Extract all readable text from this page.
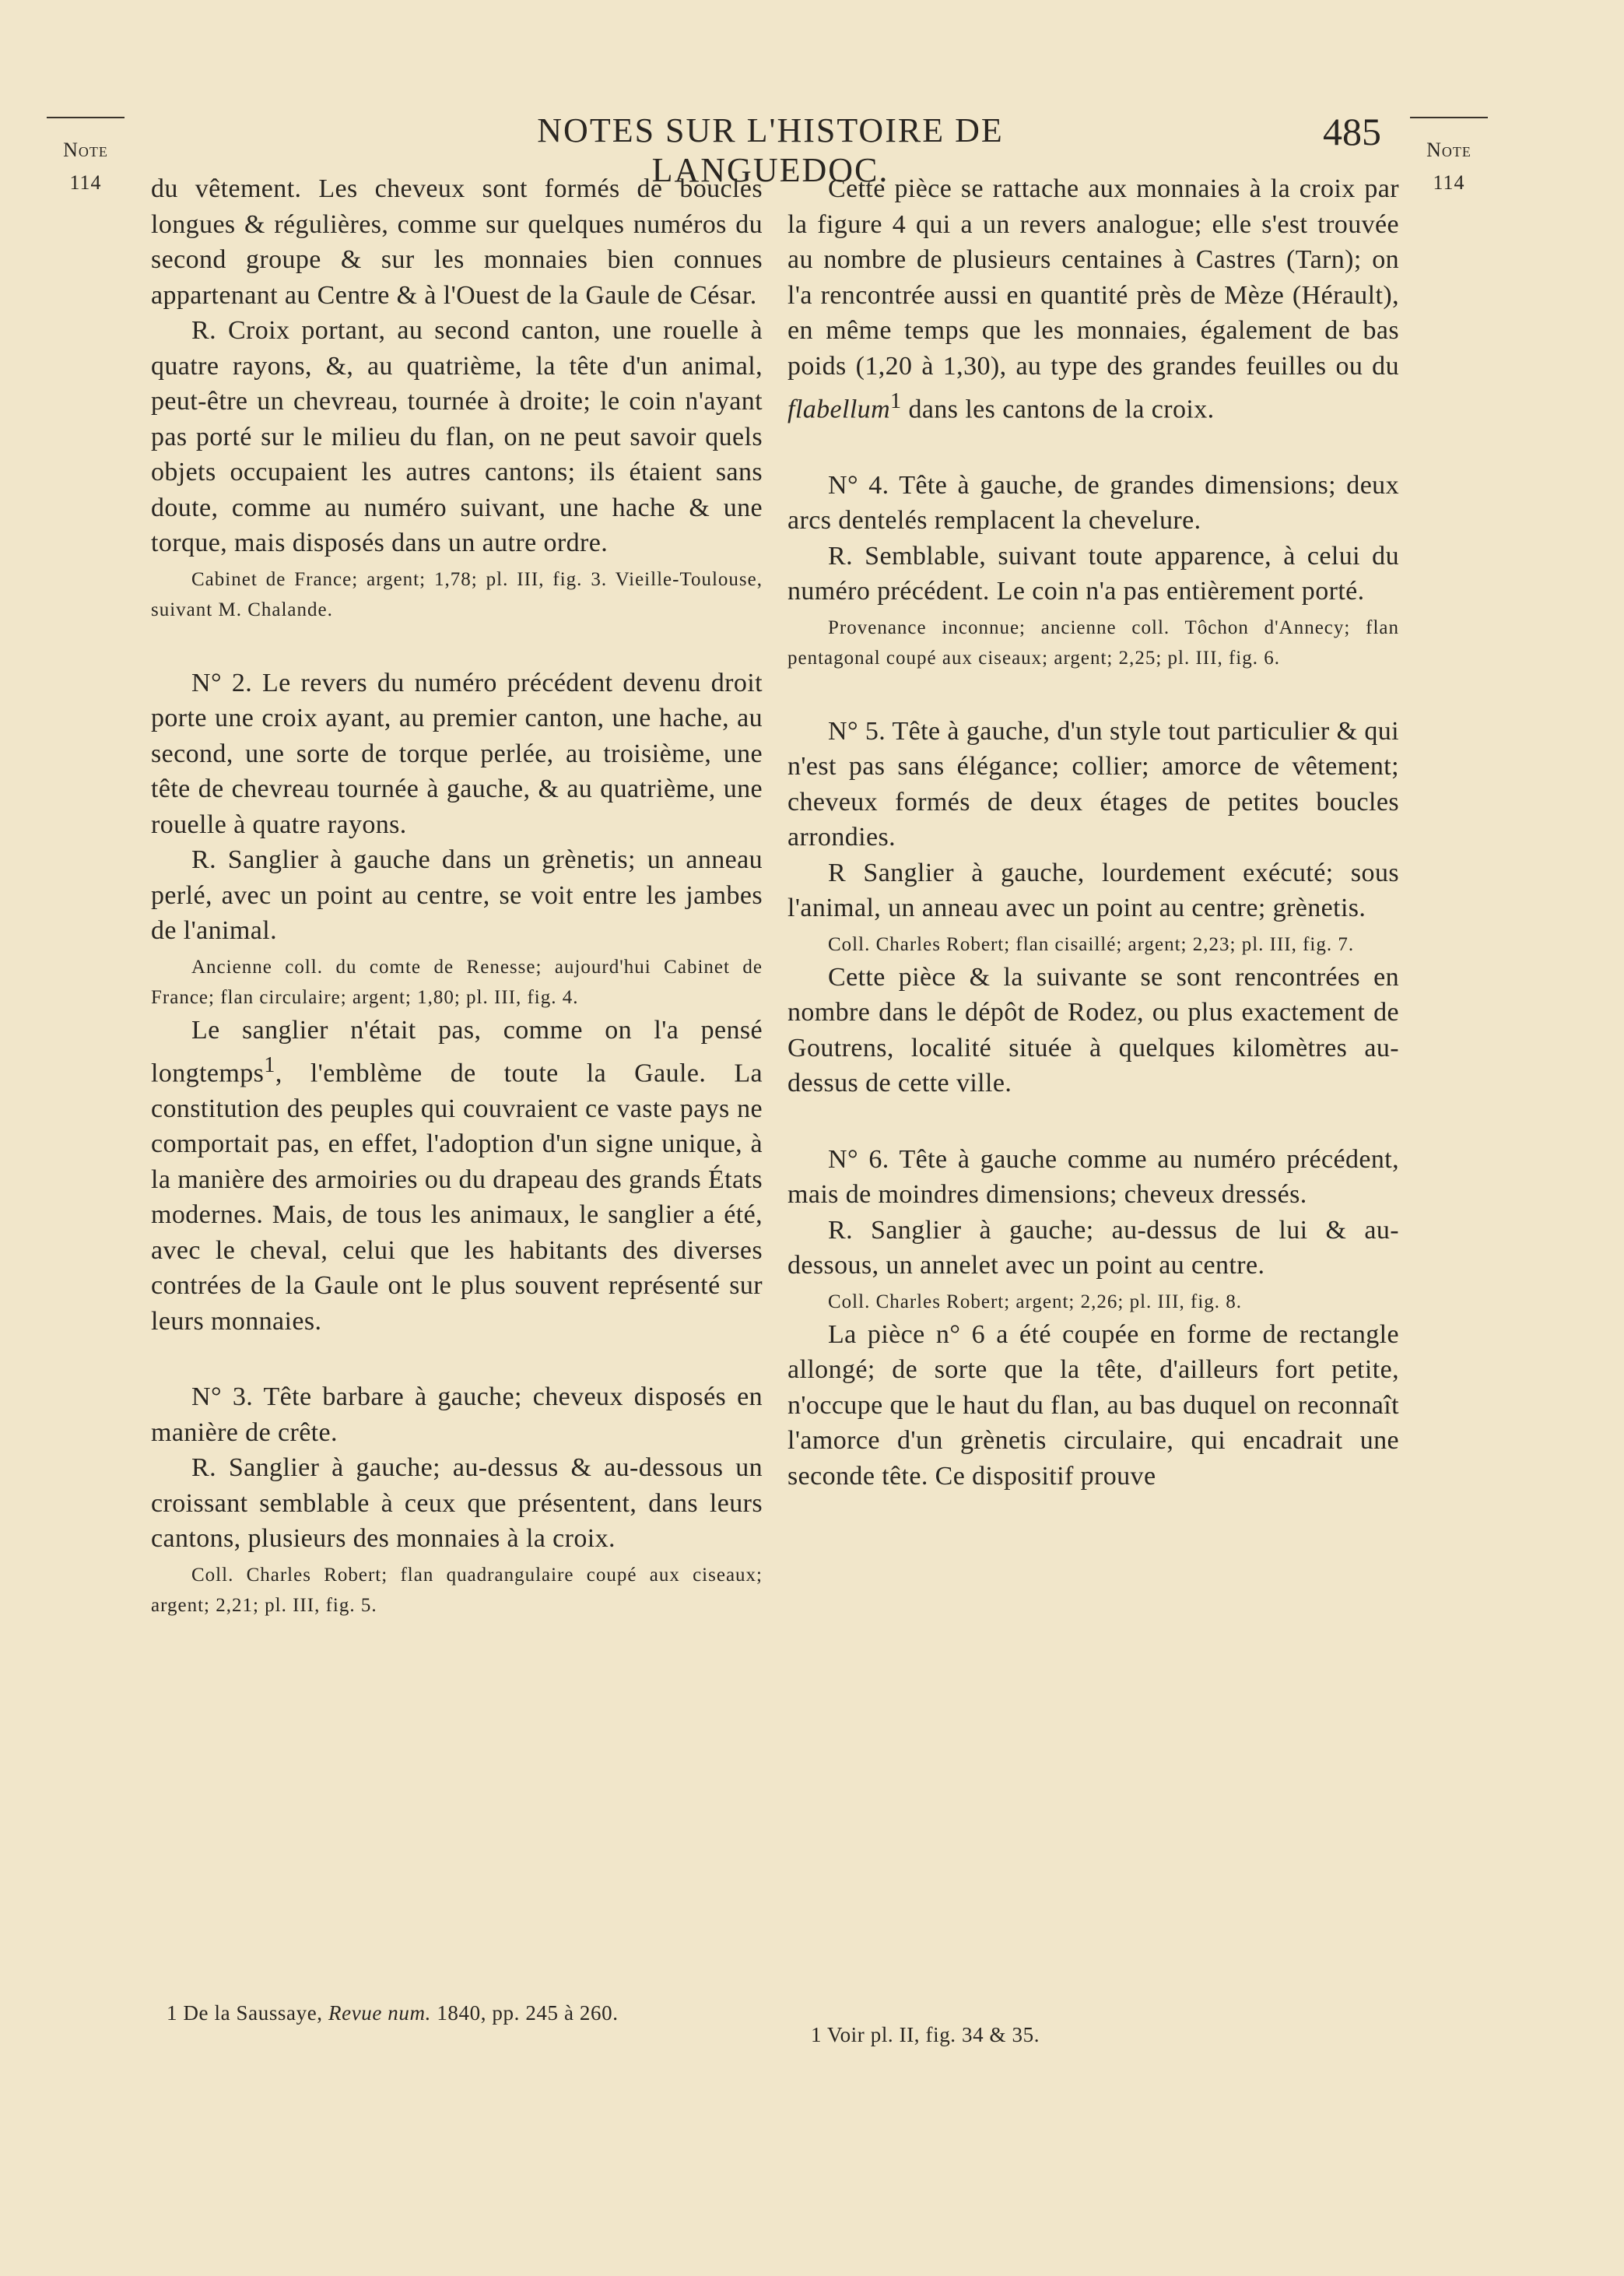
Note
114
Note
114
NOTES SUR L'HISTOIRE DE LANGUEDOC.
485

du vêtement. Les cheveux sont formés de boucles longues & régulières, comme sur quelques numéros du second groupe & sur les monnaies bien connues appartenant au Centre & à l'Ouest de la Gaule de César.

R. Croix portant, au second canton, une rouelle à quatre rayons, &, au quatrième, la tête d'un animal, peut-être un chevreau, tournée à droite; le coin n'ayant pas porté sur le milieu du flan, on ne peut savoir quels objets occupaient les autres cantons; ils étaient sans doute, comme au numéro suivant, une hache & une torque, mais disposés dans un autre ordre.

Cabinet de France; argent; 1,78; pl. III, fig. 3. Vieille-Toulouse, suivant M. Chalande.

N° 2. Le revers du numéro précédent devenu droit porte une croix ayant, au premier canton, une hache, au second, une sorte de torque perlée, au troisième, une tête de chevreau tournée à gauche, & au quatrième, une rouelle à quatre rayons.

R. Sanglier à gauche dans un grènetis; un anneau perlé, avec un point au centre, se voit entre les jambes de l'animal.

Ancienne coll. du comte de Renesse; aujourd'hui Cabinet de France; flan circulaire; argent; 1,80; pl. III, fig. 4.

Le sanglier n'était pas, comme on l'a pensé longtemps$^1$, l'emblème de toute la Gaule. La constitution des peuples qui couvraient ce vaste pays ne comportait pas, en effet, l'adoption d'un signe unique, à la manière des armoiries ou du drapeau des grands États modernes. Mais, de tous les animaux, le sanglier a été, avec le cheval, celui que les habitants des diverses contrées de la Gaule ont le plus souvent représenté sur leurs monnaies.

N° 3. Tête barbare à gauche; cheveux disposés en manière de crête.

R. Sanglier à gauche; au-dessus & au-dessous un croissant semblable à ceux que présentent, dans leurs cantons, plusieurs des monnaies à la croix.

Coll. Charles Robert; flan quadrangulaire coupé aux ciseaux; argent; 2,21; pl. III, fig. 5.

1 De la Saussaye, Revue num. 1840, pp. 245 à 260.

Cette pièce se rattache aux monnaies à la croix par la figure 4 qui a un revers analogue; elle s'est trouvée au nombre de plusieurs centaines à Castres (Tarn); on l'a rencontrée aussi en quantité près de Mèze (Hérault), en même temps que les monnaies, également de bas poids (1,20 à 1,30), au type des grandes feuilles ou du flabellum$^1$ dans les cantons de la croix.

N° 4. Tête à gauche, de grandes dimensions; deux arcs dentelés remplacent la chevelure.

R. Semblable, suivant toute apparence, à celui du numéro précédent. Le coin n'a pas entièrement porté.

Provenance inconnue; ancienne coll. Tôchon d'Annecy; flan pentagonal coupé aux ciseaux; argent; 2,25; pl. III, fig. 6.

N° 5. Tête à gauche, d'un style tout particulier & qui n'est pas sans élégance; collier; amorce de vêtement; cheveux formés de deux étages de petites boucles arrondies.

R Sanglier à gauche, lourdement exécuté; sous l'animal, un anneau avec un point au centre; grènetis.

Coll. Charles Robert; flan cisaillé; argent; 2,23; pl. III, fig. 7.

Cette pièce & la suivante se sont rencontrées en nombre dans le dépôt de Rodez, ou plus exactement de Goutrens, localité située à quelques kilomètres au-dessus de cette ville.

N° 6. Tête à gauche comme au numéro précédent, mais de moindres dimensions; cheveux dressés.

R. Sanglier à gauche; au-dessus de lui & au-dessous, un annelet avec un point au centre.

Coll. Charles Robert; argent; 2,26; pl. III, fig. 8.

La pièce n° 6 a été coupée en forme de rectangle allongé; de sorte que la tête, d'ailleurs fort petite, n'occupe que le haut du flan, au bas duquel on reconnaît l'amorce d'un grènetis circulaire, qui encadrait une seconde tête. Ce dispositif prouve

1 Voir pl. II, fig. 34 & 35.
